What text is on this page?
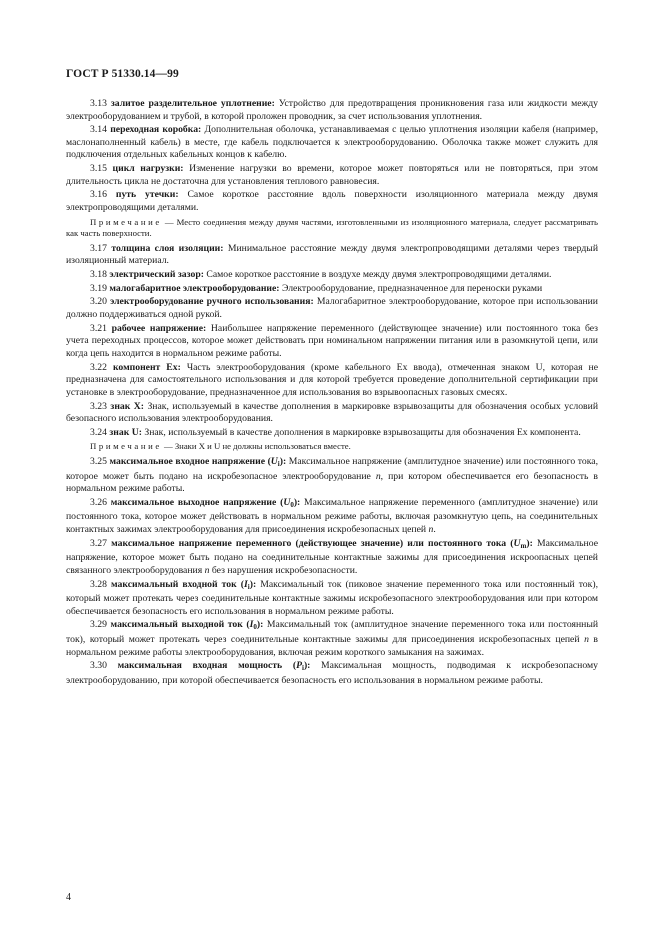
ГОСТ Р 51330.14—99

3.13 залитое разделительное уплотнение: Устройство для предотвращения проникновения газа или жидкости между электрооборудованием и трубой, в которой проложен проводник, за счет использования уплотнения.

3.14 переходная коробка: Дополнительная оболочка, устанавливаемая с целью уплотнения изоляции кабеля (например, маслонаполненный кабель) в месте, где кабель подключается к электрооборудованию. Оболочка также может служить для подключения отдельных кабельных концов к кабелю.

3.15 цикл нагрузки: Изменение нагрузки во времени, которое может повторяться или не повторяться, при этом длительность цикла не достаточна для установления теплового равновесия.

3.16 путь утечки: Самое короткое расстояние вдоль поверхности изоляционного материала между двумя электропроводящими деталями.

Примечание — Место соединения между двумя частями, изготовленными из изоляционного материала, следует рассматривать как часть поверхности.

3.17 толщина слоя изоляции: Минимальное расстояние между двумя электропроводящими деталями через твердый изоляционный материал.

3.18 электрический зазор: Самое короткое расстояние в воздухе между двумя электропроводящими деталями.

3.19 малогабаритное электрооборудование: Электрооборудование, предназначенное для переноски руками

3.20 электрооборудование ручного использования: Малогабаритное электрооборудование, которое при использовании должно поддерживаться одной рукой.

3.21 рабочее напряжение: Наибольшее напряжение переменного (действующее значение) или постоянного тока без учета переходных процессов, которое может действовать при номинальном напряжении питания или в разомкнутой цепи, или когда цепь находится в нормальном режиме работы.

3.22 компонент Ex: Часть электрооборудования (кроме кабельного Ex ввода), отмеченная знаком U, которая не предназначена для самостоятельного использования и для которой требуется проведение дополнительной сертификации при установке в электрооборудование, предназначенное для использования во взрывоопасных газовых смесях.

3.23 знак X: Знак, используемый в качестве дополнения в маркировке взрывозащиты для обозначения особых условий безопасного использования электрооборудования.

3.24 знак U: Знак, используемый в качестве дополнения в маркировке взрывозащиты для обозначения Ex компонента.

Примечание — Знаки X и U не должны использоваться вместе.

3.25 максимальное входное напряжение $(U_i)$: Максимальное напряжение (амплитудное значение) или постоянного тока, которое может быть подано на искробезопасное электрооборудование n, при котором обеспечивается его безопасность в нормальном режиме работы.

3.26 максимальное выходное напряжение $(U_0)$: Максимальное напряжение переменного (амплитудное значение) или постоянного тока, которое может действовать в нормальном режиме работы, включая разомкнутую цепь, на соединительных контактных зажимах электрооборудования для присоединения искробезопасных цепей n.

3.27 максимальное напряжение переменного (действующее значение) или постоянного тока $(U_m)$: Максимальное напряжение, которое может быть подано на соединительные контактные зажимы для присоединения искроопасных цепей связанного электрооборудования n без нарушения искробезопасности.

3.28 максимальный входной ток $(I_i)$: Максимальный ток (пиковое значение переменного тока или постоянный ток), который может протекать через соединительные контактные зажимы искробезопасного электрооборудования или при котором обеспечивается безопасность его использования в нормальном режиме работы.

3.29 максимальный выходной ток $(I_0)$: Максимальный ток (амплитудное значение переменного тока или постоянный ток), который может протекать через соединительные контактные зажимы для присоединения искробезопасных цепей n в нормальном режиме работы электрооборудования, включая режим короткого замыкания на зажимах.

3.30 максимальная входная мощность $(P_i)$: Максимальная мощность, подводимая к искробезопасному электрооборудованию, при которой обеспечивается безопасность его использования в нормальном режиме работы.

4
